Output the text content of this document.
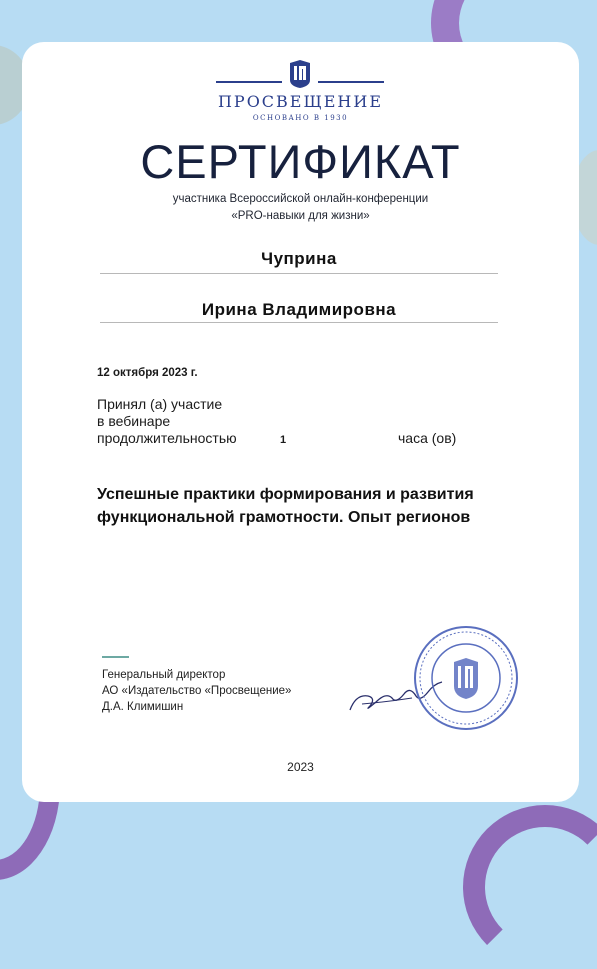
ПРОСВЕЩЕНИЕ
ОСНОВАНО В 1930
СЕРТИФИКАТ
участника Всероссийской онлайн-конференции
«PRO-навыки для жизни»
Чуприна
Ирина Владимировна
12 октября 2023 г.
Принял (а) участие
в вебинаре
продолжительностью	1	часа (ов)
Успешные практики формирования и развития
функциональной грамотности. Опыт регионов
Генеральный директор
АО «Издательство «Просвещение»
Д.А. Климишин
2023
